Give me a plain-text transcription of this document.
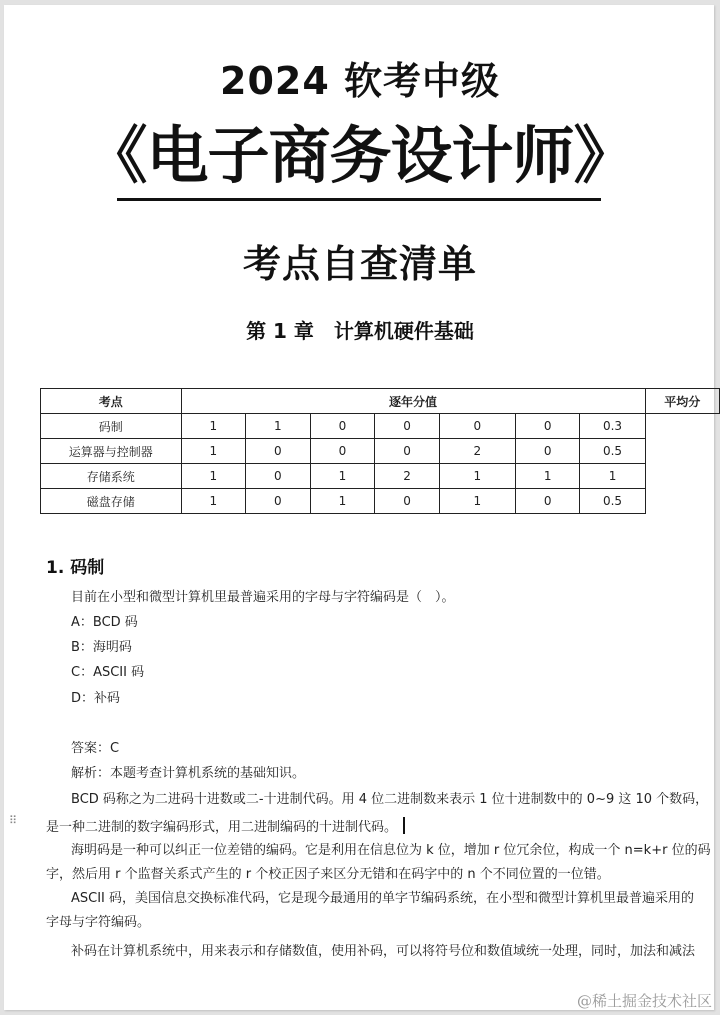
2024 软考中级
《电子商务设计师》
考点自查清单
第 1 章 计算机硬件基础
考点	逐年分值							平均分
码制	1	1	0	0	0	0	0.3	
运算器与控制器	1	0	0	0	2	0	0.5	
存储系统	1	0	1	2	1	1	1	
磁盘存储	1	0	1	0	1	0	0.5	
1. 码制
目前在小型和微型计算机里最普遍采用的字母与字符编码是（　）。
A：BCD 码
B：海明码
C：ASCII 码
D：补码
答案：C
解析：本题考查计算机系统的基础知识。
BCD 码称之为二进码十进数或二-十进制代码。用 4 位二进制数来表示 1 位十进制数中的 0~9 这 10 个数码，
是一种二进制的数字编码形式，用二进制编码的十进制代码。
⠿
海明码是一种可以纠正一位差错的编码。它是利用在信息位为 k 位，增加 r 位冗余位，构成一个 n=k+r 位的码
字，然后用 r 个监督关系式产生的 r 个校正因子来区分无错和在码字中的 n 个不同位置的一位错。
ASCII 码，美国信息交换标准代码，它是现今最通用的单字节编码系统，在小型和微型计算机里最普遍采用的
字母与字符编码。
补码在计算机系统中，用来表示和存储数值，使用补码，可以将符号位和数值域统一处理，同时，加法和减法
@稀土掘金技术社区
